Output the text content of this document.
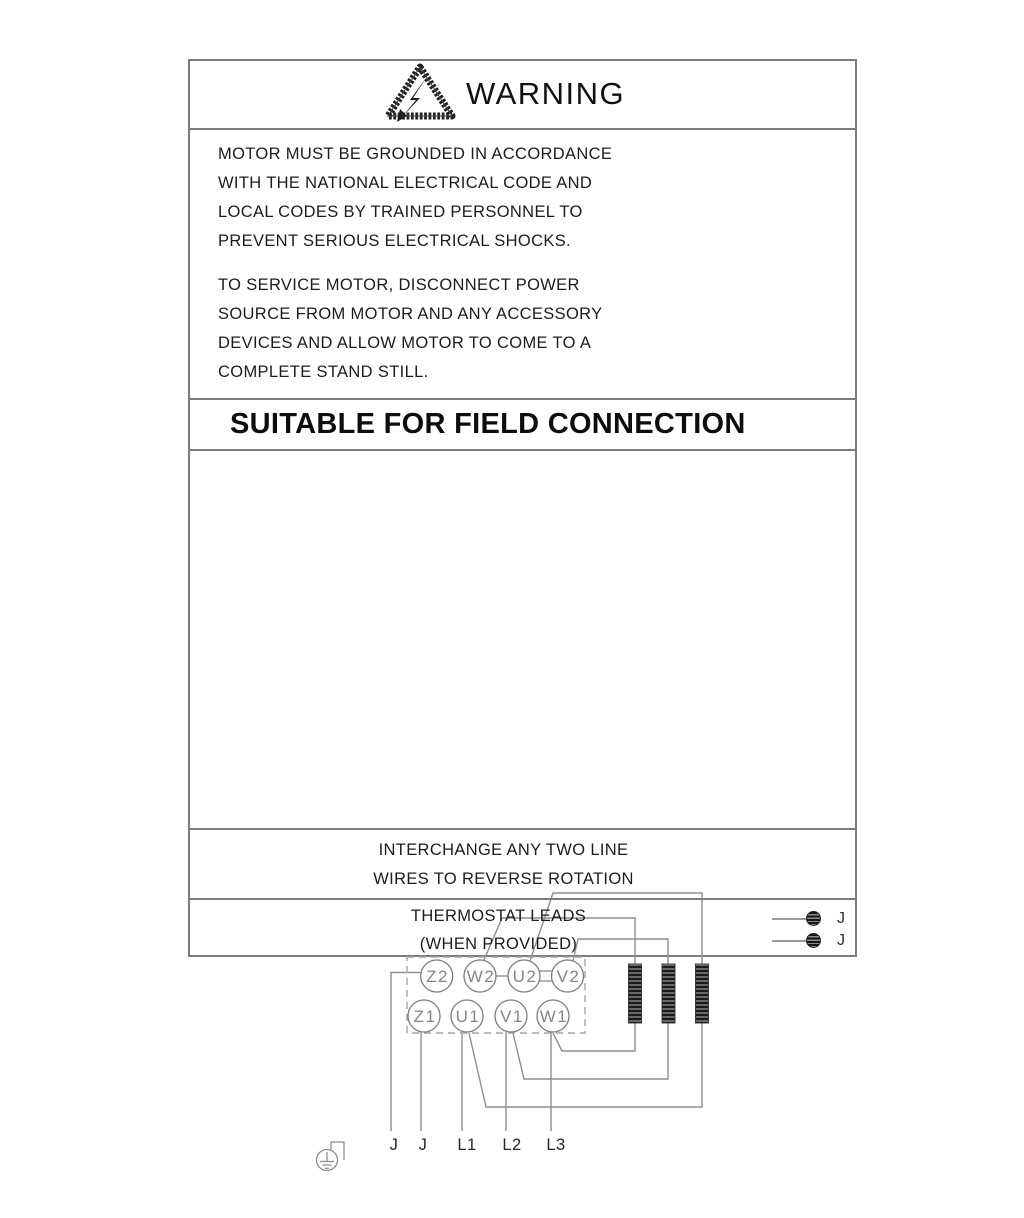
WARNING
MOTOR MUST BE GROUNDED IN ACCORDANCE
WITH THE NATIONAL ELECTRICAL CODE AND
LOCAL CODES BY TRAINED PERSONNEL TO
PREVENT SERIOUS ELECTRICAL SHOCKS.
TO SERVICE MOTOR, DISCONNECT POWER
SOURCE FROM MOTOR AND ANY ACCESSORY
DEVICES AND ALLOW MOTOR TO COME TO A
COMPLETE STAND STILL.
SUITABLE FOR FIELD CONNECTION
Z2 W2 U2 V2
Z1 U1 V1 W1
J J L1 L2 L3
INTERCHANGE ANY TWO LINE
WIRES TO REVERSE ROTATION
THERMOSTAT LEADS
(WHEN PROVIDED)
J
J
